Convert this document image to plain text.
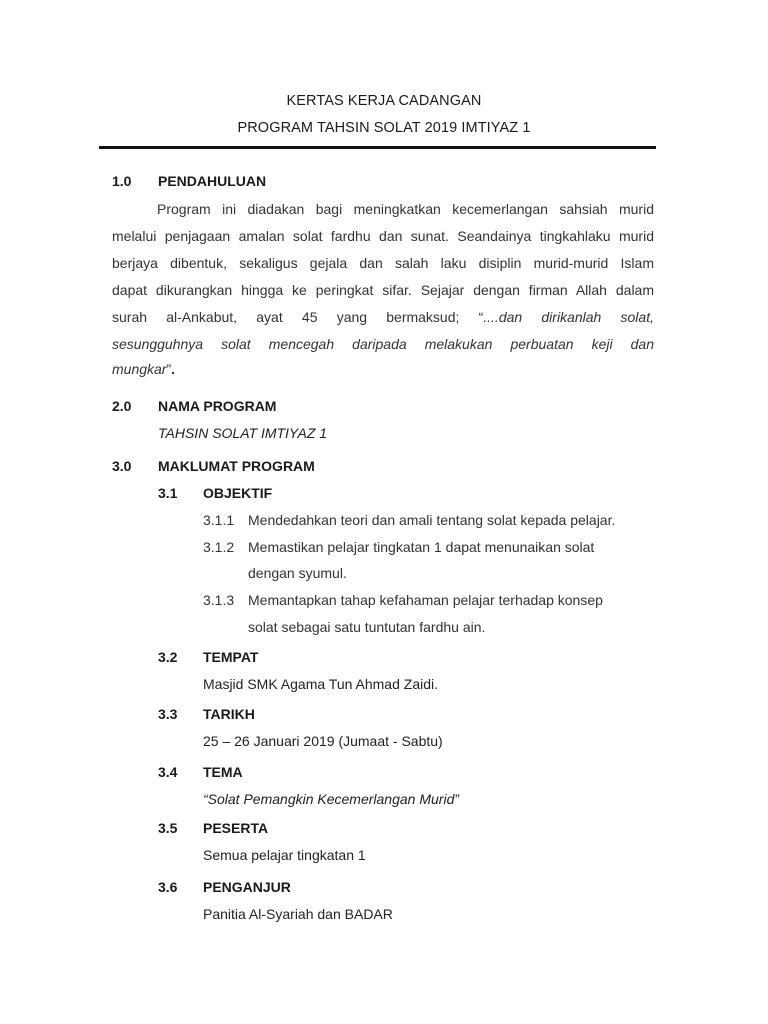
KERTAS KERJA CADANGAN
PROGRAM TAHSIN SOLAT 2019 IMTIYAZ 1
1.0 PENDAHULUAN
Program ini diadakan bagi meningkatkan kecemerlangan sahsiah murid
melalui penjagaan amalan solat fardhu dan sunat. Seandainya tingkahlaku murid
berjaya dibentuk, sekaligus gejala dan salah laku disiplin murid-murid Islam
dapat dikurangkan hingga ke peringkat sifar. Sejajar dengan firman Allah dalam
surah al-Ankabut, ayat 45 yang bermaksud; “....dan dirikanlah solat,
sesungguhnya solat mencegah daripada melakukan perbuatan keji dan
mungkar”.
2.0 NAMA PROGRAM
TAHSIN SOLAT IMTIYAZ 1
3.0 MAKLUMAT PROGRAM
3.1 OBJEKTIF
3.1.1 Mendedahkan teori dan amali tentang solat kepada pelajar.
3.1.2 Memastikan pelajar tingkatan 1 dapat menunaikan solat
dengan syumul.
3.1.3 Memantapkan tahap kefahaman pelajar terhadap konsep
solat sebagai satu tuntutan fardhu ain.
3.2 TEMPAT
Masjid SMK Agama Tun Ahmad Zaidi.
3.3 TARIKH
25 – 26 Januari 2019 (Jumaat - Sabtu)
3.4 TEMA
“Solat Pemangkin Kecemerlangan Murid”
3.5 PESERTA
Semua pelajar tingkatan 1
3.6 PENGANJUR
Panitia Al-Syariah dan BADAR
